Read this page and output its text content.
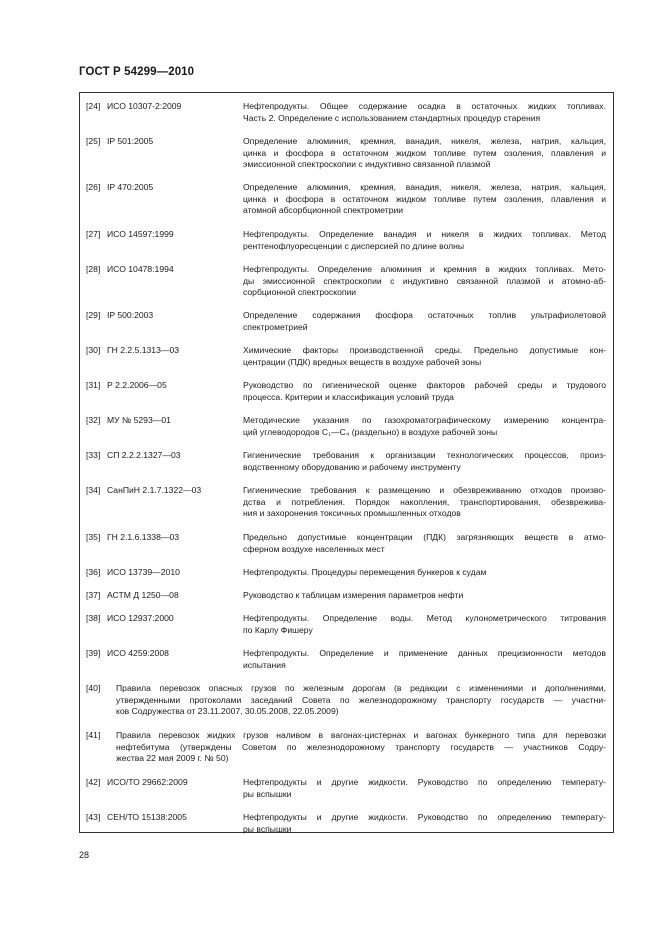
ГОСТ Р 54299—2010
[24] ИСО 10307-2:2009	Нефтепродукты. Общее содержание осадка в остаточных жидких топливах.
Часть 2. Определение с использованием стандартных процедур старения
[25] IP 501:2005	Определение алюминия, кремния, ванадия, никеля, железа, натрия, кальция,
цинка и фосфора в остаточном жидком топливе путем озоления, плавления и
эмиссионной спектроскопии с индуктивно связанной плазмой
[26] IP 470:2005	Определение алюминия, кремния, ванадия, никеля, железа, натрия, кальция,
цинка и фосфора в остаточном жидком топливе путем озоления, плавления и
атомной абсорбционной спектрометрии
[27] ИСО 14597:1999	Нефтепродукты. Определение ванадия и никеля в жидких топливах. Метод
рентгенофлуоресценции с дисперсией по длине волны
[28] ИСО 10478:1994	Нефтепродукты. Определение алюминия и кремния в жидких топливах. Мето-
ды эмиссионной спектроскопии с индуктивно связанной плазмой и атомно-аб-
сорбционной спектроскопии
[29] IP 500:2003	Определение содержания фосфора остаточных топлив ультрафиолетовой
спектрометрией
[30] ГН 2.2.5.1313—03	Химические факторы производственной среды. Предельно допустимые кон-
центрации (ПДК) вредных веществ в воздухе рабочей зоны
[31] Р 2.2.2006—05	Руководство по гигиенической оценке факторов рабочей среды и трудового
процесса. Критерии и классификация условий труда
[32] МУ № 5293—01	Методические указания по газохроматографическому измерению концентра-
ций углеводородов C₁—C₄ (раздельно) в воздухе рабочей зоны
[33] СП 2.2.2.1327—03	Гигиенические требования к организации технологических процессов, произ-
водственному оборудованию и рабочему инструменту
[34] СанПиН 2.1.7.1322—03	Гигиенические требования к размещению и обезвреживанию отходов произво-
дства и потребления. Порядок накопления, транспортирования, обезврежива-
ния и захоронения токсичных промышленных отходов
[35] ГН 2.1.6.1338—03	Предельно допустимые концентрации (ПДК) загрязняющих веществ в атмо-
сферном воздухе населенных мест
[36] ИСО 13739—2010	Нефтепродукты. Процедуры перемещения бункеров к судам
[37] АСТМ Д 1250—08	Руководство к таблицам измерения параметров нефти
[38] ИСО 12937:2000	Нефтепродукты. Определение воды. Метод кулонометрического титрования
по Карлу Фишеру
[39] ИСО 4259:2008	Нефтепродукты. Определение и применение данных прецизионности методов
испытания
[40] Правила перевозок опасных грузов по железным дорогам (в редакции с изменениями и дополнениями,
утвержденными протоколами заседаний Совета по железнодорожному транспорту государств — участни-
ков Содружества от 23.11.2007, 30.05.2008, 22.05.2009)
[41] Правила перевозок жидких грузов наливом в вагонах-цистернах и вагонах бункерного типа для перевозки
нефтебитума (утверждены Советом по железнодорожному транспорту государств — участников Содру-
жества 22 мая 2009 г. № 50)
[42] ИСО/ТО 29662:2009	Нефтепродукты и другие жидкости. Руководство по определению температу-
ры вспышки
[43] СЕН/ТО 15138:2005	Нефтепродукты и другие жидкости. Руководство по определению температу-
ры вспышки
28
